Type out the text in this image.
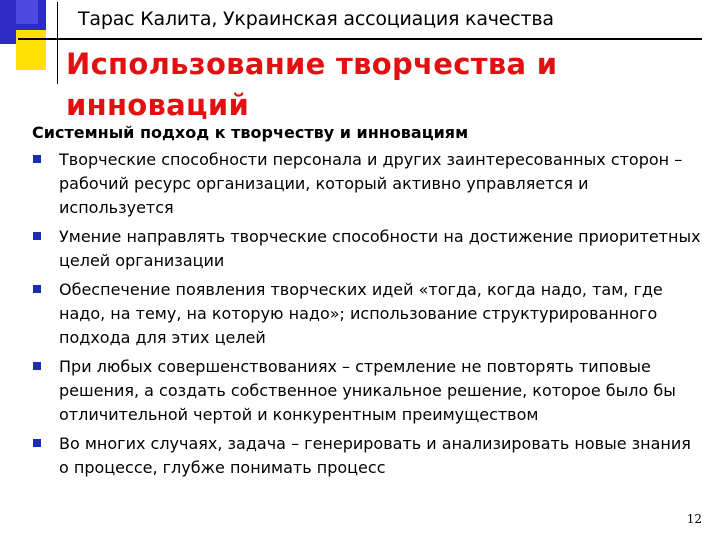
Тарас Калита, Украинская ассоциация качества
Использование творчества и инноваций
Системный подход к творчеству и инновациям
Творческие способности персонала и других заинтересованных сторон – рабочий ресурс организации, который активно управляется и используется
Умение направлять творческие способности на достижение приоритетных целей организации
Обеспечение появления творческих идей «тогда, когда надо, там, где надо, на тему, на которую надо»; использование структурированного подхода для этих целей
При любых совершенствованиях – стремление не повторять типовые решения, а создать собственное уникальное решение, которое было бы отличительной чертой и конкурентным преимуществом
Во многих случаях, задача – генерировать и анализировать новые знания о процессе, глубже понимать процесс
12
